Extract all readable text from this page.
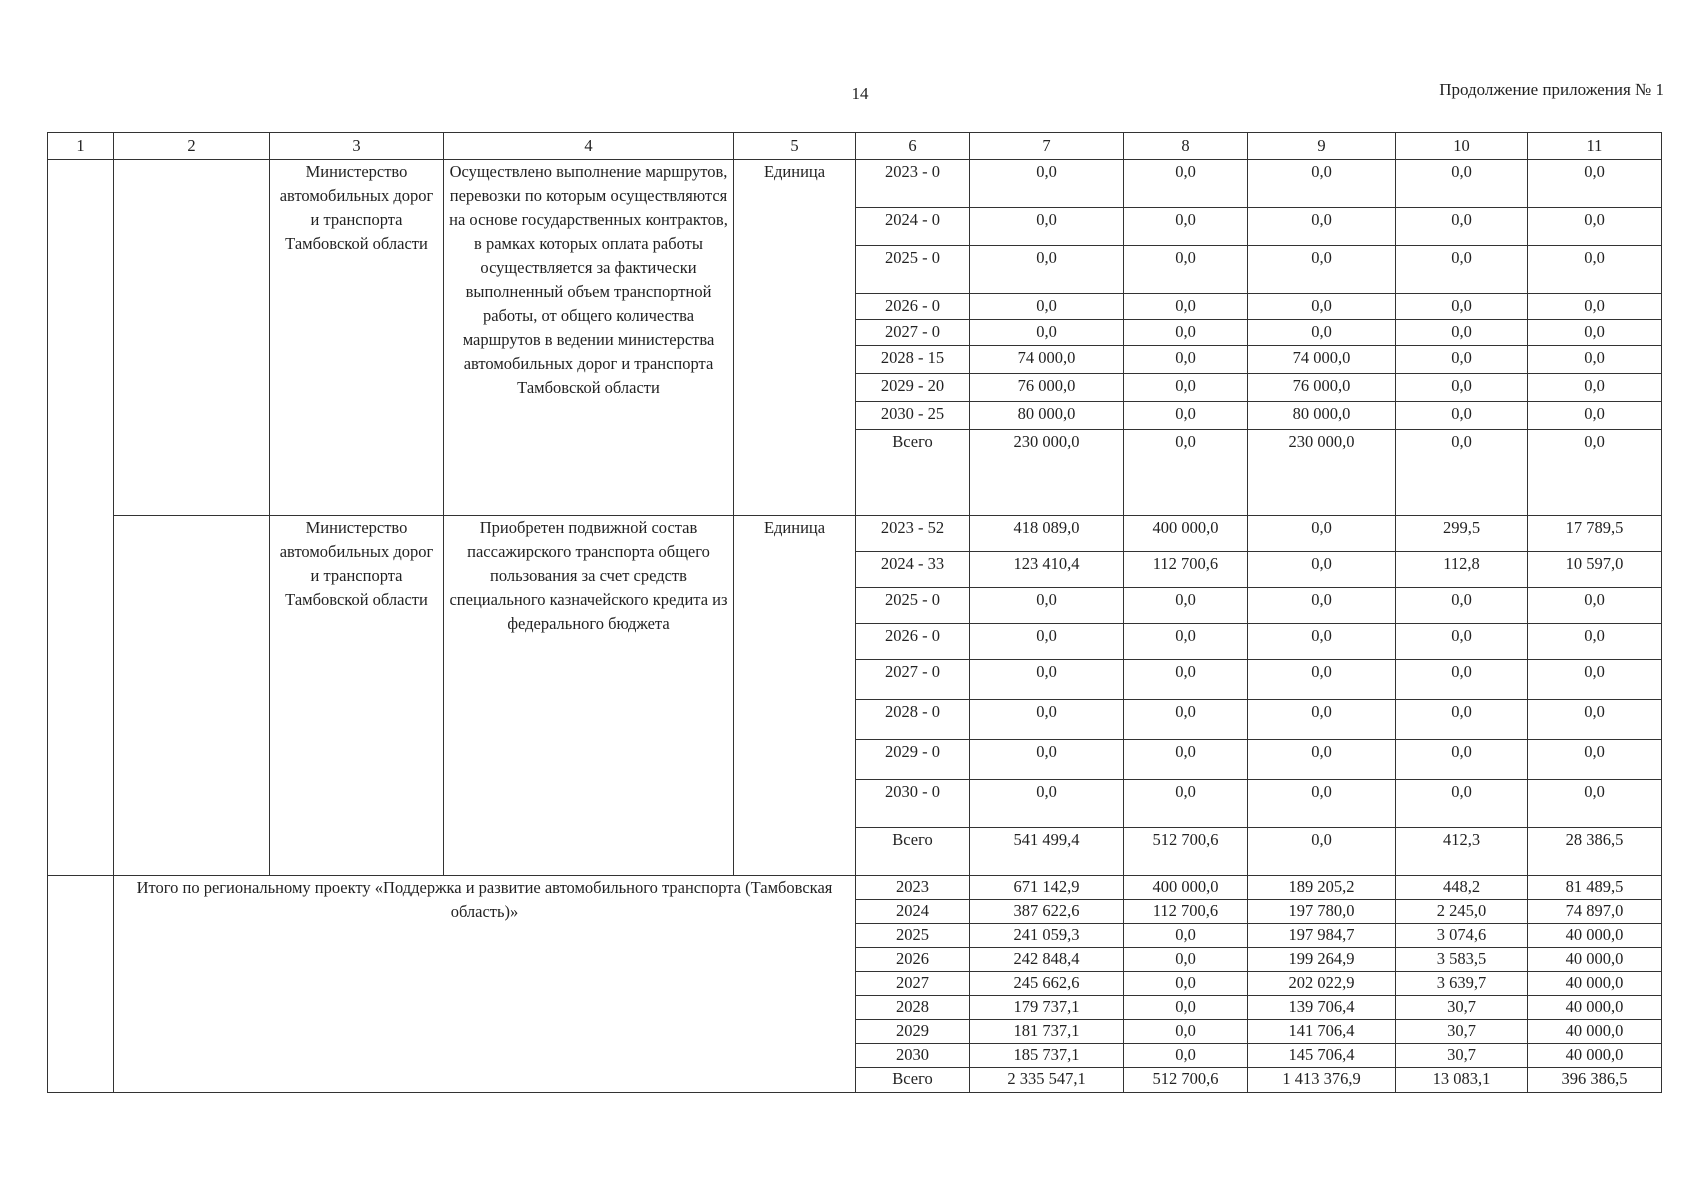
14	Продолжение приложения № 1
1	2	3	4	5	6	7	8	9	10	11
		Министерство автомобильных дорог и транспорта Тамбовской области	Осуществлено выполнение маршрутов, перевозки по которым осуществляются на основе государственных контрактов, в рамках которых оплата работы осуществляется за фактически выполненный объем транспортной работы, от общего количества маршрутов в ведении министерства автомобильных дорог и транспорта Тамбовской области	Единица	2023 - 0	0,0	0,0	0,0	0,0	0,0
					2024 - 0	0,0	0,0	0,0	0,0	0,0
					2025 - 0	0,0	0,0	0,0	0,0	0,0
					2026 - 0	0,0	0,0	0,0	0,0	0,0
					2027 - 0	0,0	0,0	0,0	0,0	0,0
					2028 - 15	74 000,0	0,0	74 000,0	0,0	0,0
					2029 - 20	76 000,0	0,0	76 000,0	0,0	0,0
					2030 - 25	80 000,0	0,0	80 000,0	0,0	0,0
					Всего	230 000,0	0,0	230 000,0	0,0	0,0
		Министерство автомобильных дорог и транспорта Тамбовской области	Приобретен подвижной состав пассажирского транспорта общего пользования за счет средств специального казначейского кредита из федерального бюджета	Единица	2023 - 52	418 089,0	400 000,0	0,0	299,5	17 789,5
					2024 - 33	123 410,4	112 700,6	0,0	112,8	10 597,0
					2025 - 0	0,0	0,0	0,0	0,0	0,0
					2026 - 0	0,0	0,0	0,0	0,0	0,0
					2027 - 0	0,0	0,0	0,0	0,0	0,0
					2028 - 0	0,0	0,0	0,0	0,0	0,0
					2029 - 0	0,0	0,0	0,0	0,0	0,0
					2030 - 0	0,0	0,0	0,0	0,0	0,0
					Всего	541 499,4	512 700,6	0,0	412,3	28 386,5
	Итого по региональному проекту «Поддержка и развитие автомобильного транспорта (Тамбовская область)»				2023	671 142,9	400 000,0	189 205,2	448,2	81 489,5
					2024	387 622,6	112 700,6	197 780,0	2 245,0	74 897,0
					2025	241 059,3	0,0	197 984,7	3 074,6	40 000,0
					2026	242 848,4	0,0	199 264,9	3 583,5	40 000,0
					2027	245 662,6	0,0	202 022,9	3 639,7	40 000,0
					2028	179 737,1	0,0	139 706,4	30,7	40 000,0
					2029	181 737,1	0,0	141 706,4	30,7	40 000,0
					2030	185 737,1	0,0	145 706,4	30,7	40 000,0
					Всего	2 335 547,1	512 700,6	1 413 376,9	13 083,1	396 386,5
